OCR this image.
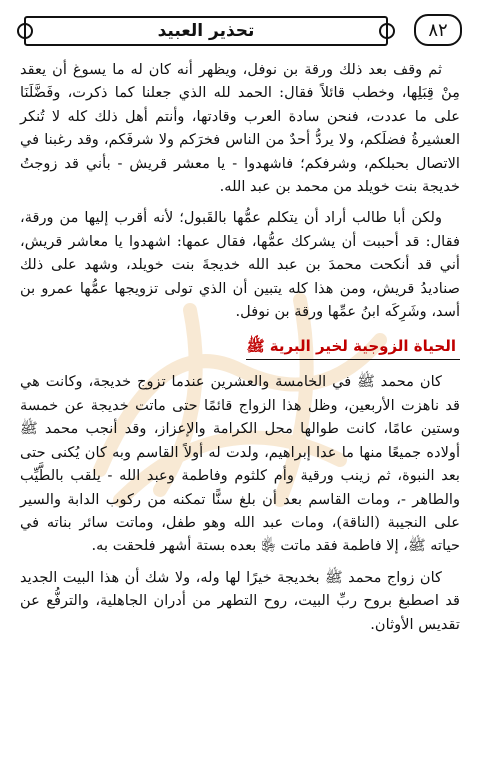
تحذير العبيد	٨٢

ثم وقف بعد ذلك ورقة بن نوفل، ويظهر أنه كان له ما يسوغ أن يعقد مِنْ قِبَلِها، وخطب قائلاً فقال: الحمد لله الذي جعلنا كما ذكرت، وفَضَّلَنَا على ما عددت، فنحن سادة العرب وقادتها، وأنتم أهل ذلك كله لا تُنكر العشيرةُ فضلَكم، ولا يردُّ أحدٌ من الناس فخرَكم ولا شرفَكم، وقد رغبنا في الاتصال بحبلكم، وشرفكم؛ فاشهدوا - يا معشر قريش - بأني قد زوجتُ خديجة بنت خويلد من محمد بن عبد الله.

ولكن أبا طالب أراد أن يتكلم عمُّها بالقَبول؛ لأنه أقرب إليها من ورقة، فقال: قد أحببت أن يشركك عمُّها، فقال عمها: اشهدوا يا معاشر قريش، أني قد أنكحت محمدَ بن عبد الله خديجةَ بنت خويلد، وشهد على ذلك صناديدُ قريش، ومن هذا كله يتبين أن الذي تولى تزويجها عمُّها عمرو بن أسد، وشَرِكَه ابنُ عمِّها ورقة بن نوفل.

الحياة الزوجية لخير البرية ﷺ

كان محمد ﷺ في الخامسة والعشرين عندما تزوج خديجة، وكانت هي قد ناهزت الأربعين، وظل هذا الزواج قائمًا حتى ماتت خديجة عن خمسة وستين عامًا، كانت طوالها محل الكرامة والإعزاز، وقد أنجب محمد ﷺ أولاده جميعًا منها ما عدا إبراهيم، ولدت له أولاً القاسم وبه كان يُكنى حتى بعد النبوة، ثم زينب ورقية وأم كلثوم وفاطمة وعبد الله - يلقب بالطَّيِّب والطاهر -، ومات القاسم بعد أن بلغ سنًّا تمكنه من ركوب الدابة والسير على النجيبة (الناقة)، ومات عبد الله وهو طفل، وماتت سائر بناته في حياته ﷺ، إلا فاطمة فقد ماتت ﵂ بعده بستة أشهر فلحقت به.

كان زواج محمد ﷺ بخديجة خيرًا لها وله، ولا شك أن هذا البيت الجديد قد اصطبغ بروح ربِّ البيت، روح التطهر من أدران الجاهلية، والترفُّع عن تقديس الأوثان.
